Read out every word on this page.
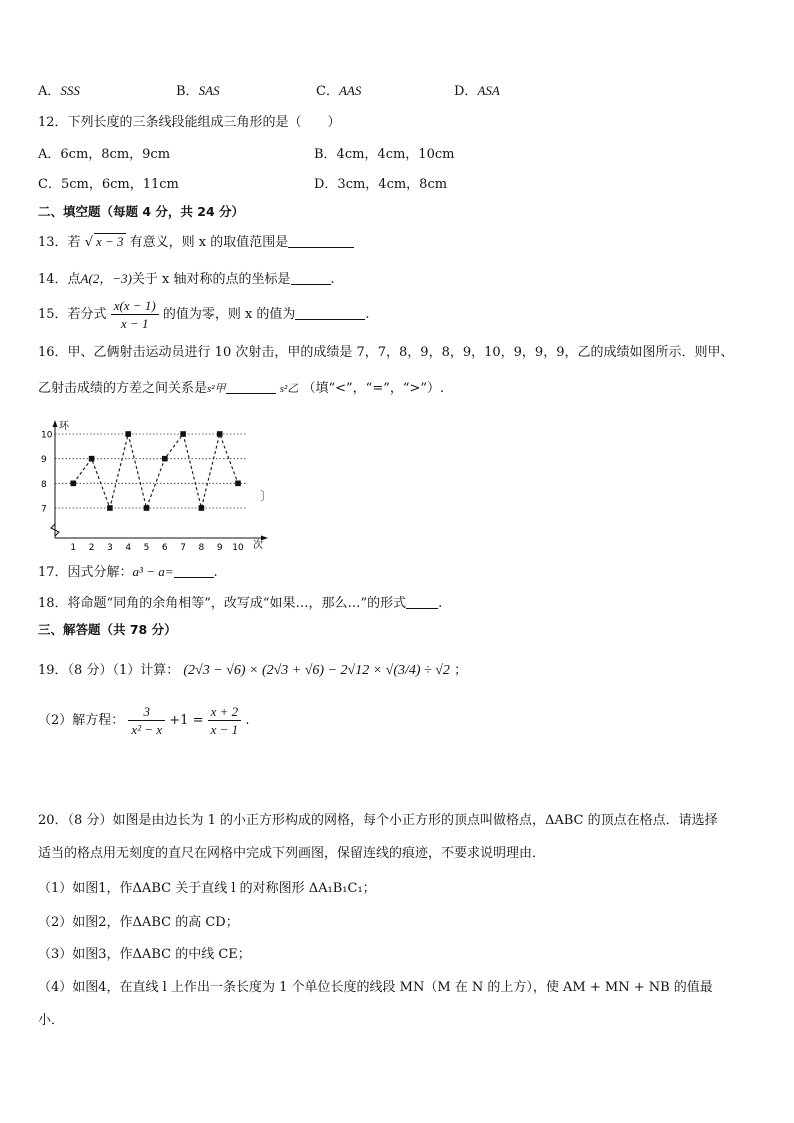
A．SSS	B．SAS	C．AAS	D．ASA
12．下列长度的三条线段能组成三角形的是（　　）
A．6cm，8cm，9cm	B．4cm，4cm，10cm
C．5cm，6cm，11cm	D．3cm，4cm，8cm
二、填空题（每题 4 分，共 24 分）
13．若 √ x − 3 有意义，则 x 的取值范围是
14．点A(2，−3)关于 x 轴对称的点的坐标是	.
15．若分式 $\frac{x(x - 1)}{x - 1}$ 的值为零，则 x 的值为	.
16．甲、乙俩射击运动员进行 10 次射击，甲的成绩是 7，7，8，9，8，9，10，9，9，9，乙的成绩如图所示．则甲、
乙射击成绩的方差之间关系是s²甲	s²乙 （填“<”，“=”，“>”）.
环
次
7
8
9
10
1 2 3 4 5 6 7 8 9 10
〕
17．因式分解：a³ − a=	.
18．将命题“同角的余角相等”，改写成“如果…，那么…”的形式 .
三、解答题（共 78 分）
19．（8 分）（1）计算： (2√3 − √6) × (2√3 + √6) − 2√12 × √(3/4) ÷ √2 ；
（2）解方程： $\frac{3}{\text{x² − x}} +1 = \frac{x + 2}{x - 1}$ .
20．（8 分）如图是由边长为 1 的小正方形构成的网格，每个小正方形的顶点叫做格点，ΔABC 的顶点在格点．请选择
适当的格点用无刻度的直尺在网格中完成下列画图，保留连线的痕迹，不要求说明理由．
（1）如图1，作ΔABC 关于直线 l 的对称图形 ΔA₁B₁C₁；
（2）如图2，作ΔABC 的高 CD；
（3）如图3，作ΔABC 的中线 CE；
（4）如图4，在直线 l 上作出一条长度为 1 个单位长度的线段 MN（M 在 N 的上方），使 AM + MN + NB 的值最
小．
